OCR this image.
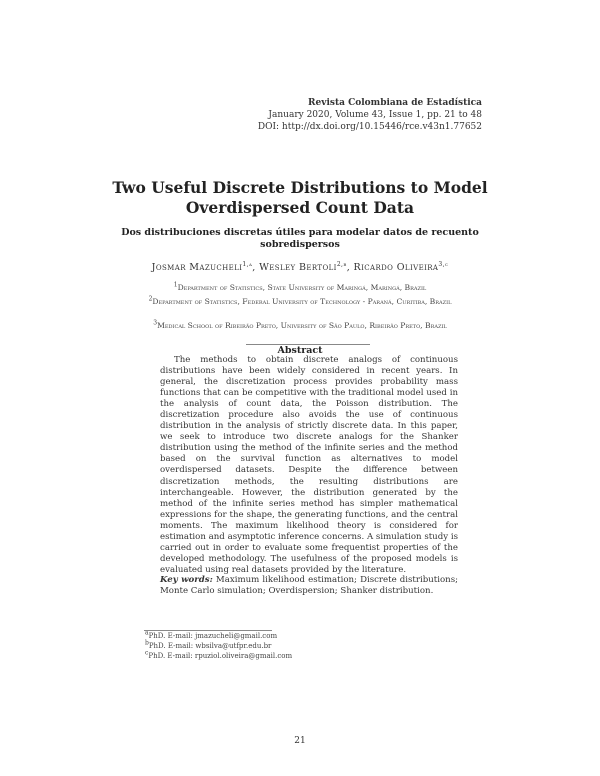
Revista Colombiana de Estadística
January 2020, Volume 43, Issue 1, pp. 21 to 48
DOI: http://dx.doi.org/10.15446/rce.v43n1.77652
Two Useful Discrete Distributions to Model
Overdispersed Count Data
Dos distribuciones discretas útiles para modelar datos de recuento
sobredispersos
Josmar Mazucheli$^{1,a}$, Wesley Bertoli$^{2,b}$, Ricardo Oliveira$^{3,c}$
$^1$Department of Statistics, State University of Maringá, Maringá, Brazil
$^2$Department of Statistics, Federal University of Technology - Paraná, Curitiba, Brazil
$^3$Medical School of Ribeirão Preto, University of São Paulo, Ribeirão Preto, Brazil
Abstract
The methods to obtain discrete analogs of continuous distributions have been widely considered in recent years. In general, the discretization process provides probability mass functions that can be competitive with the traditional model used in the analysis of count data, the Poisson distribution. The discretization procedure also avoids the use of continuous distribution in the analysis of strictly discrete data. In this paper, we seek to introduce two discrete analogs for the Shanker distribution using the method of the infinite series and the method based on the survival function as alternatives to model overdispersed datasets. Despite the difference between discretization methods, the resulting distributions are interchangeable. However, the distribution generated by the method of the infinite series method has simpler mathematical expressions for the shape, the generating functions, and the central moments. The maximum likelihood theory is considered for estimation and asymptotic inference concerns. A simulation study is carried out in order to evaluate some frequentist properties of the developed methodology. The usefulness of the proposed models is evaluated using real datasets provided by the literature.
Key words: Maximum likelihood estimation; Discrete distributions; Monte Carlo simulation; Overdispersion; Shanker distribution.
$^a$PhD. E-mail: jmazucheli@gmail.com
$^b$PhD. E-mail: wbsilva@utfpr.edu.br
$^c$PhD. E-mail: rpuziol.oliveira@gmail.com
21
